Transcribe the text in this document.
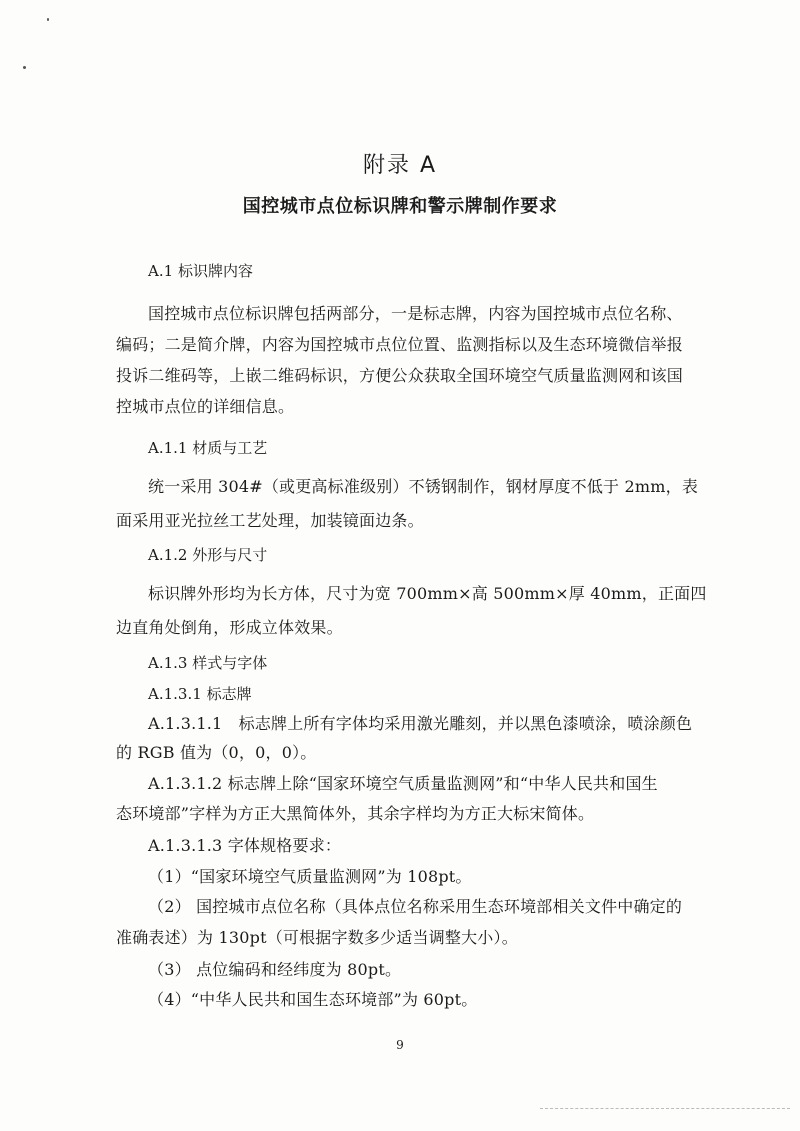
附录 A
国控城市点位标识牌和警示牌制作要求
A.1 标识牌内容
国控城市点位标识牌包括两部分，一是标志牌，内容为国控城市点位名称、
编码；二是简介牌，内容为国控城市点位位置、监测指标以及生态环境微信举报
投诉二维码等，上嵌二维码标识，方便公众获取全国环境空气质量监测网和该国
控城市点位的详细信息。
A.1.1 材质与工艺
统一采用 304#（或更高标准级别）不锈钢制作，钢材厚度不低于 2mm，表
面采用亚光拉丝工艺处理，加装镜面边条。
A.1.2 外形与尺寸
标识牌外形均为长方体，尺寸为宽 700mm×高 500mm×厚 40mm，正面四
边直角处倒角，形成立体效果。
A.1.3 样式与字体
A.1.3.1 标志牌
A.1.3.1.1　标志牌上所有字体均采用激光雕刻，并以黑色漆喷涂，喷涂颜色
的 RGB 值为（0，0，0）。
A.1.3.1.2 标志牌上除“国家环境空气质量监测网”和“中华人民共和国生
态环境部”字样为方正大黑简体外，其余字样均为方正大标宋简体。
A.1.3.1.3 字体规格要求：
（1）“国家环境空气质量监测网”为 108pt。
（2） 国控城市点位名称（具体点位名称采用生态环境部相关文件中确定的
准确表述）为 130pt（可根据字数多少适当调整大小）。
（3） 点位编码和经纬度为 80pt。
（4）“中华人民共和国生态环境部”为 60pt。
9
